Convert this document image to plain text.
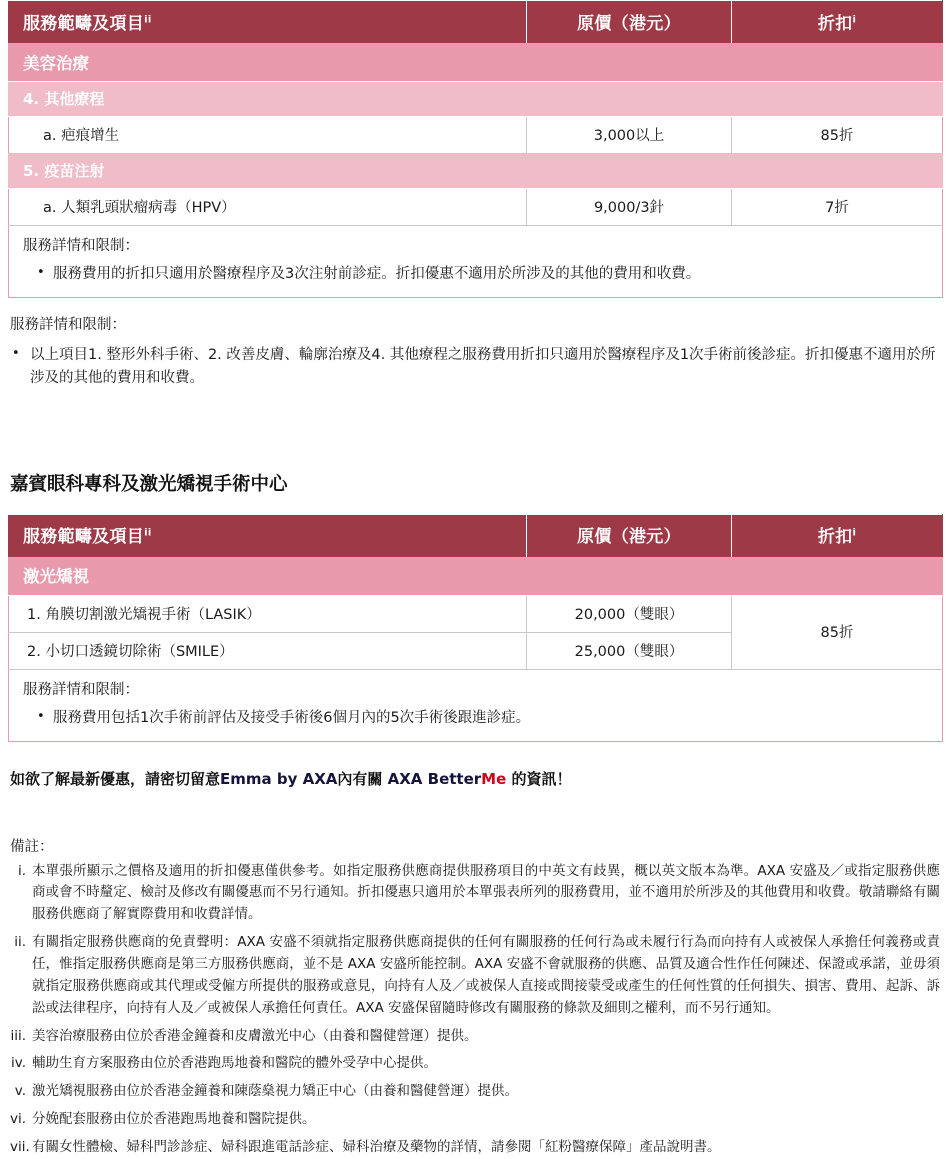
服務範疇及項目$^{ii}$	原價（港元）	折扣$^i$
美容治療		
4. 其他療程		
a. 疤痕增生	3,000以上	85折
5. 疫苗注射		
a. 人類乳頭狀瘤病毒（HPV）	9,000/3針	7折

服務詳情和限制：
• 服務費用的折扣只適用於醫療程序及3次注射前診症。折扣優惠不適用於所涉及的其他的費用和收費。		
服務詳情和限制：
• 以上項目1. 整形外科手術、2. 改善皮膚、輪廓治療及4. 其他療程之服務費用折扣只適用於醫療程序及1次手術前後診症。折扣優惠不適用於所涉及的其他的費用和收費。
嘉賓眼科專科及激光矯視手術中心
服務範疇及項目$^{ii}$	原價（港元）	折扣$^i$
激光矯視		
1. 角膜切割激光矯視手術（LASIK）	20,000（雙眼）	85折
2. 小切口透鏡切除術（SMILE）	25,000（雙眼）	

服務詳情和限制：
• 服務費用包括1次手術前評估及接受手術後6個月內的5次手術後跟進診症。		
如欲了解最新優惠，請密切留意Emma by AXA內有關 AXA BetterMe 的資訊！
備註：
i. 本單張所顯示之價格及適用的折扣優惠僅供參考。如指定服務供應商提供服務項目的中英文有歧異，概以英文版本為準。AXA 安盛及／或指定服務供應商或會不時釐定、檢討及修改有關優惠而不另行通知。折扣優惠只適用於本單張表所列的服務費用，並不適用於所涉及的其他費用和收費。敬請聯絡有關服務供應商了解實際費用和收費詳情。
ii. 有關指定服務供應商的免責聲明：AXA 安盛不須就指定服務供應商提供的任何有關服務的任何行為或未履行行為而向持有人或被保人承擔任何義務或責任，惟指定服務供應商是第三方服務供應商，並不是 AXA 安盛所能控制。AXA 安盛不會就服務的供應、品質及適合性作任何陳述、保證或承諾，並毋須就指定服務供應商或其代理或受僱方所提供的服務或意見，向持有人及／或被保人直接或間接蒙受或產生的任何性質的任何損失、損害、費用、起訴、訴訟或法律程序，向持有人及／或被保人承擔任何責任。AXA 安盛保留隨時修改有關服務的條款及細則之權利，而不另行通知。
iii. 美容治療服務由位於香港金鐘養和皮膚激光中心（由養和醫健營運）提供。
iv. 輔助生育方案服務由位於香港跑馬地養和醫院的體外受孕中心提供。
v. 激光矯視服務由位於香港金鐘養和陳蔭燊視力矯正中心（由養和醫健營運）提供。
vi. 分娩配套服務由位於香港跑馬地養和醫院提供。
vii. 有關女性體檢、婦科門診診症、婦科跟進電話診症、婦科治療及藥物的詳情，請參閱「紅粉醫療保障」產品說明書。
